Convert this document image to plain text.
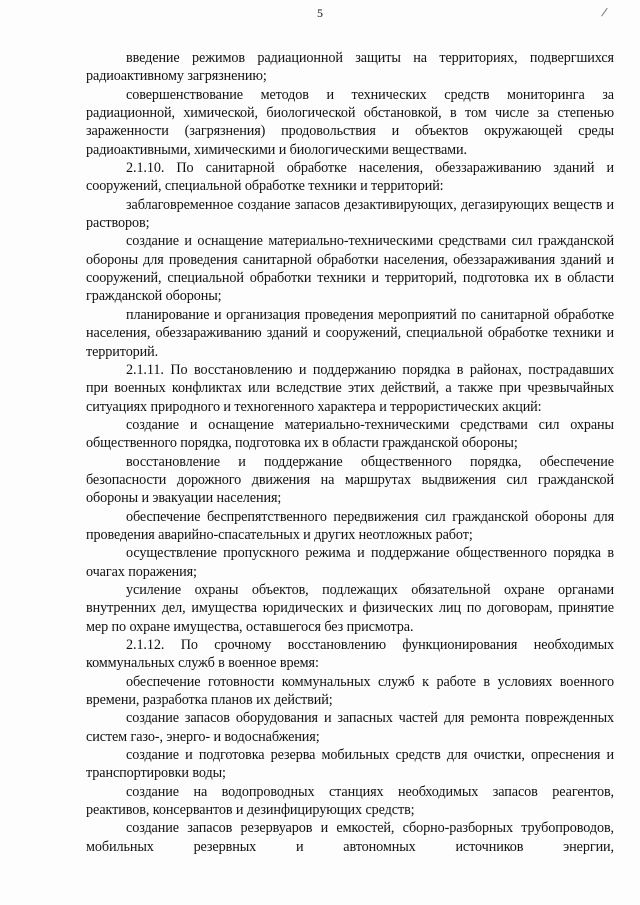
5

введение режимов радиационной защиты на территориях, подвергшихся радиоактивному загрязнению;

совершенствование методов и технических средств мониторинга за радиационной, химической, биологической обстановкой, в том числе за степенью зараженности (загрязнения) продовольствия и объектов окружающей среды радиоактивными, химическими и биологическими веществами.

2.1.10. По санитарной обработке населения, обеззараживанию зданий и сооружений, специальной обработке техники и территорий:

заблаговременное создание запасов дезактивирующих, дегазирующих веществ и растворов;

создание и оснащение материально-техническими средствами сил гражданской обороны для проведения санитарной обработки населения, обеззараживания зданий и сооружений, специальной обработки техники и территорий, подготовка их в области гражданской обороны;

планирование и организация проведения мероприятий по санитарной обработке населения, обеззараживанию зданий и сооружений, специальной обработке техники и территорий.

2.1.11. По восстановлению и поддержанию порядка в районах, пострадавших при военных конфликтах или вследствие этих действий, а также при чрезвычайных ситуациях природного и техногенного характера и террористических акций:

создание и оснащение материально-техническими средствами сил охраны общественного порядка, подготовка их в области гражданской обороны;

восстановление и поддержание общественного порядка, обеспечение безопасности дорожного движения на маршрутах выдвижения сил гражданской обороны и эвакуации населения;

обеспечение беспрепятственного передвижения сил гражданской обороны для проведения аварийно-спасательных и других неотложных работ;

осуществление пропускного режима и поддержание общественного порядка в очагах поражения;

усиление охраны объектов, подлежащих обязательной охране органами внутренних дел, имущества юридических и физических лиц по договорам, принятие мер по охране имущества, оставшегося без присмотра.

2.1.12. По срочному восстановлению функционирования необходимых коммунальных служб в военное время:

обеспечение готовности коммунальных служб к работе в условиях военного времени, разработка планов их действий;

создание запасов оборудования и запасных частей для ремонта поврежденных систем газо-, энерго- и водоснабжения;

создание и подготовка резерва мобильных средств для очистки, опреснения и транспортировки воды;

создание на водопроводных станциях необходимых запасов реагентов, реактивов, консервантов и дезинфицирующих средств;

создание запасов резервуаров и емкостей, сборно-разборных трубопроводов, мобильных резервных и автономных источников энергии,
